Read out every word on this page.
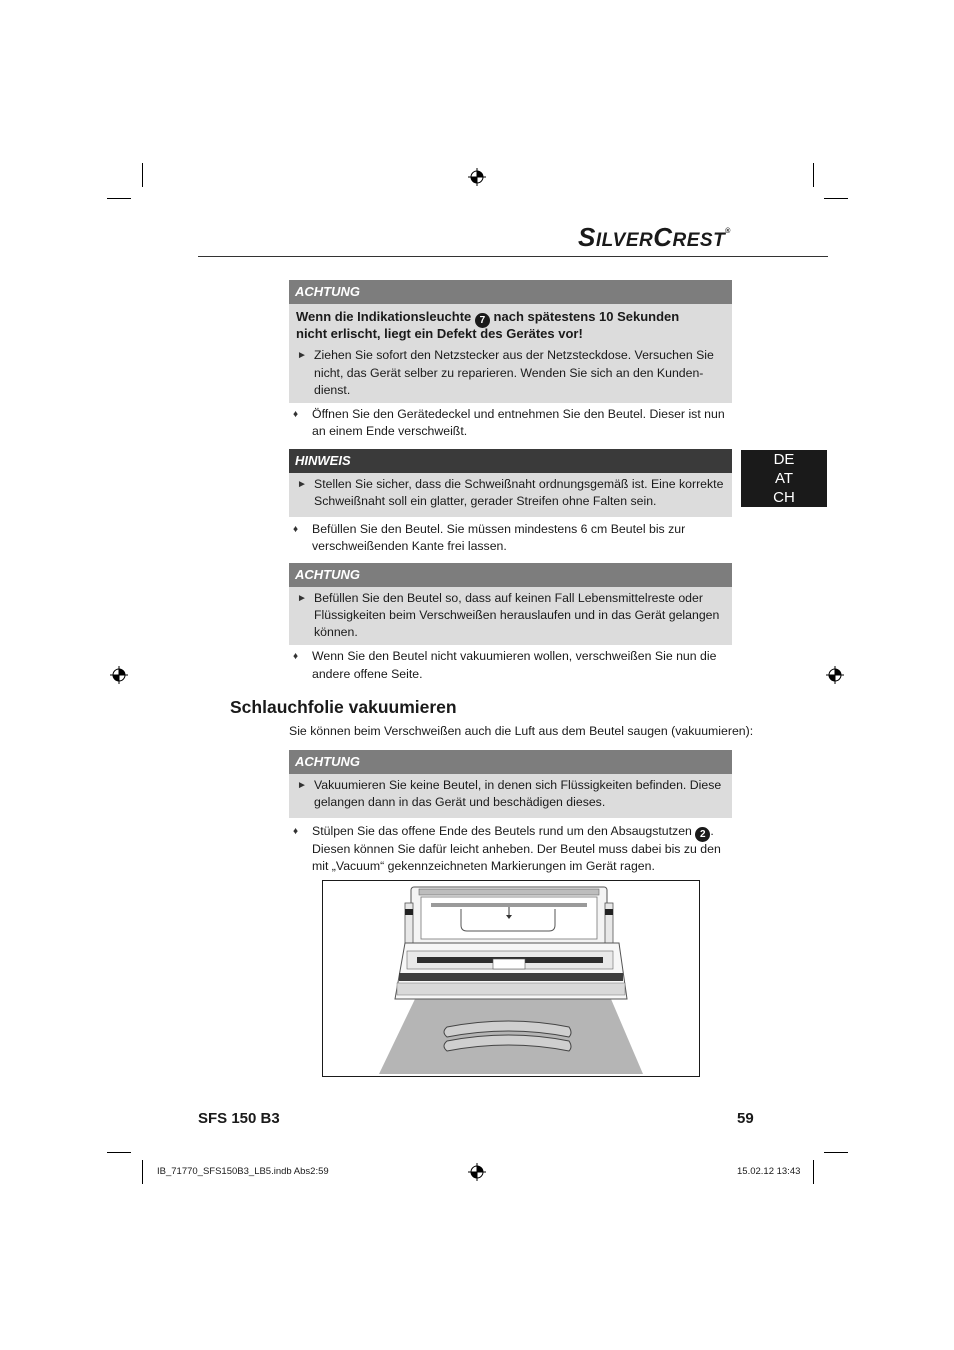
SILVERCREST®
DE
AT
CH
ACHTUNG
Wenn die Indikationsleuchte 7 nach spätestens 10 Sekunden
nicht erlischt, liegt ein Defekt des Gerätes vor!
► Ziehen Sie sofort den Netzstecker aus der Netzsteckdose. Versuchen Sie
nicht, das Gerät selber zu reparieren. Wenden Sie sich an den Kunden-
dienst.
♦ Öffnen Sie den Gerätedeckel und entnehmen Sie den Beutel. Dieser ist nun
an einem Ende verschweißt.
HINWEIS
► Stellen Sie sicher, dass die Schweißnaht ordnungsgemäß ist. Eine korrekte
Schweißnaht soll ein glatter, gerader Streifen ohne Falten sein.
♦ Befüllen Sie den Beutel. Sie müssen mindestens 6 cm Beutel bis zur
verschweißenden Kante frei lassen.
ACHTUNG
► Befüllen Sie den Beutel so, dass auf keinen Fall Lebensmittelreste oder
Flüssigkeiten beim Verschweißen herauslaufen und in das Gerät gelangen
können.
♦ Wenn Sie den Beutel nicht vakuumieren wollen, verschweißen Sie nun die
andere offene Seite.
Schlauchfolie vakuumieren
Sie können beim Verschweißen auch die Luft aus dem Beutel saugen (vakuumieren):
ACHTUNG
► Vakuumieren Sie keine Beutel, in denen sich Flüssigkeiten befinden. Diese
gelangen dann in das Gerät und beschädigen dieses.
♦ Stülpen Sie das offene Ende des Beutels rund um den Absaugstutzen 2 .
Diesen können Sie dafür leicht anheben. Der Beutel muss dabei bis zu den
mit „Vacuum“ gekennzeichneten Markierungen im Gerät ragen.
SFS 150 B3	59
IB_71770_SFS150B3_LB5.indb Abs2:59	15.02.12 13:43
